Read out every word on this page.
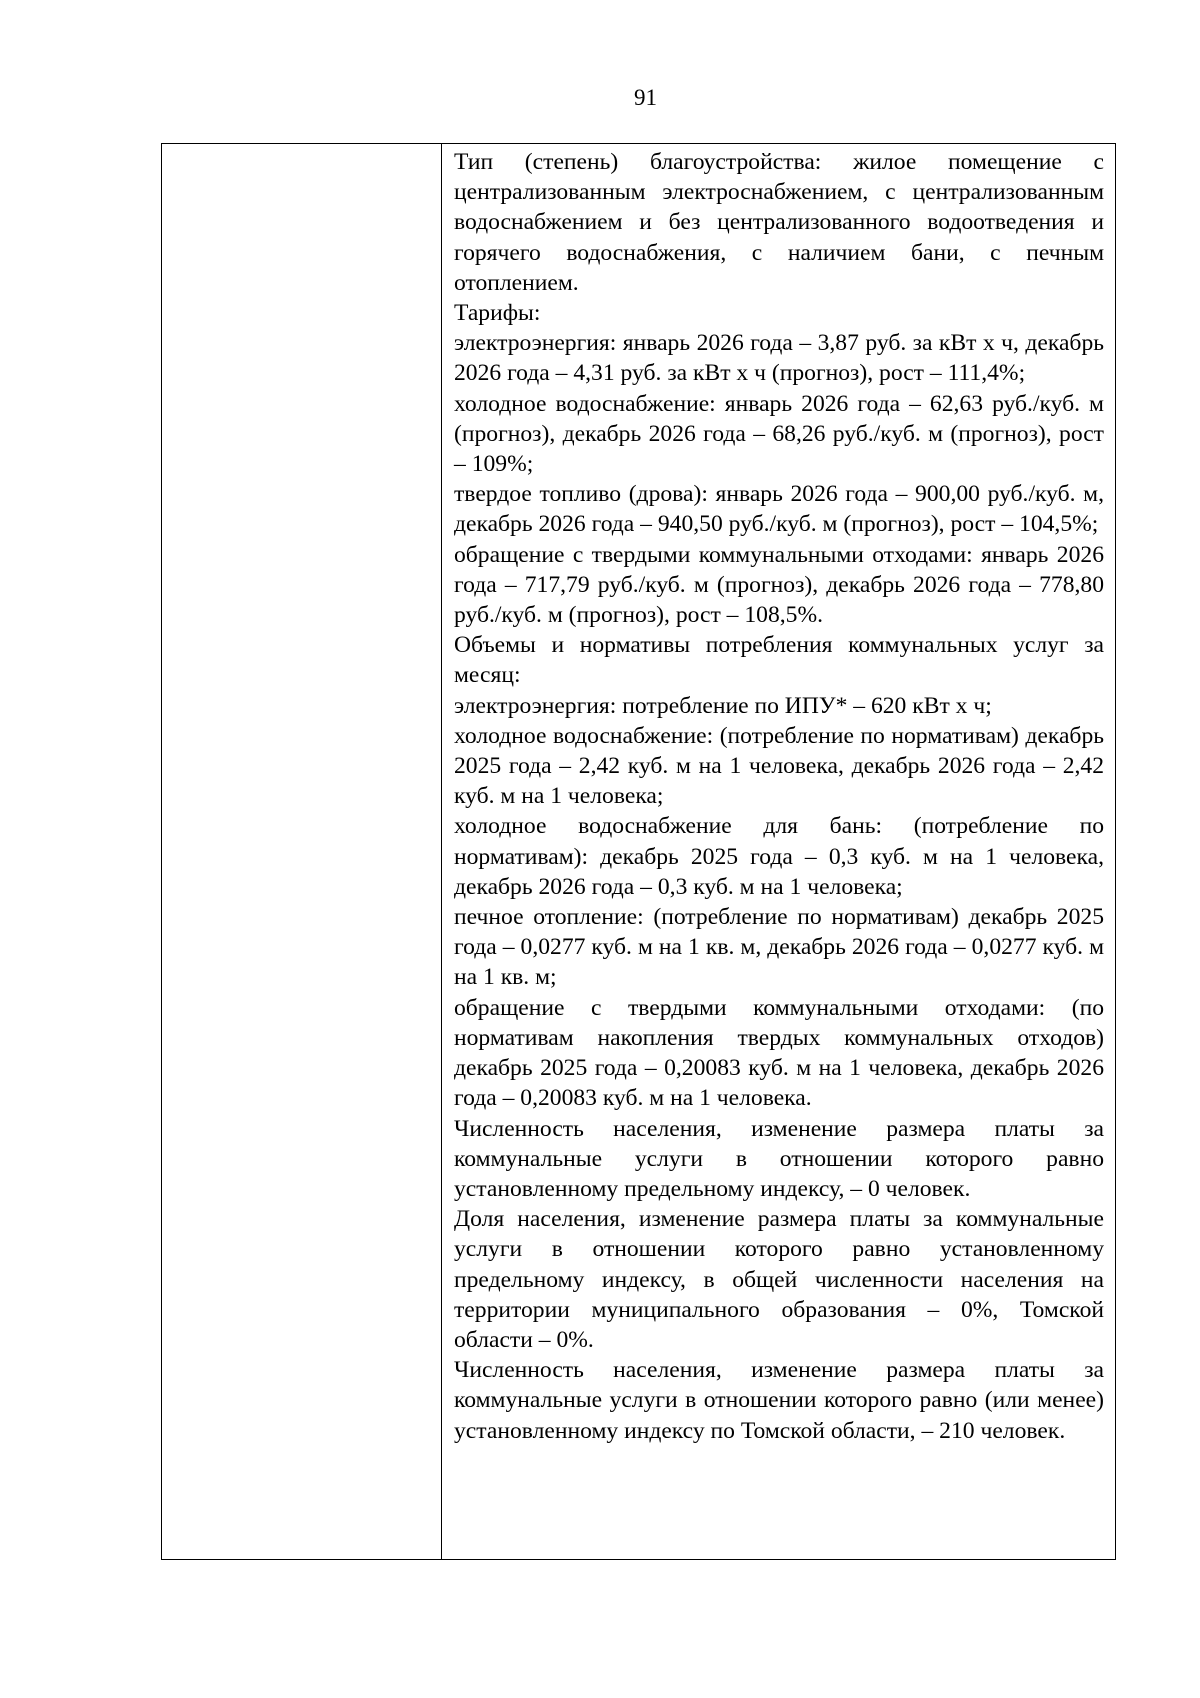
91

Тип (степень) благоустройства: жилое помещение с централизованным электроснабжением, с централизованным водоснабжением и без централизованного водоотведения и горячего водоснабжения, с наличием бани, с печным отоплением.

Тарифы:

электроэнергия: январь 2026 года – 3,87 руб. за кВт х ч, декабрь 2026 года – 4,31 руб. за кВт х ч (прогноз), рост – 111,4%;

холодное водоснабжение: январь 2026 года – 62,63 руб./куб. м (прогноз), декабрь 2026 года – 68,26 руб./куб. м (прогноз), рост – 109%;

твердое топливо (дрова): январь 2026 года – 900,00 руб./куб. м, декабрь 2026 года – 940,50 руб./куб. м (прогноз), рост – 104,5%;

обращение с твердыми коммунальными отходами: январь 2026 года – 717,79 руб./куб. м (прогноз), декабрь 2026 года – 778,80 руб./куб. м (прогноз), рост – 108,5%.

Объемы и нормативы потребления коммунальных услуг за месяц:

электроэнергия: потребление по ИПУ* – 620 кВт х ч;

холодное водоснабжение: (потребление по нормативам) декабрь 2025 года – 2,42 куб. м на 1 человека, декабрь 2026 года – 2,42 куб. м на 1 человека;

холодное водоснабжение для бань: (потребление по нормативам): декабрь 2025 года – 0,3 куб. м на 1 человека, декабрь 2026 года – 0,3 куб. м на 1 человека;

печное отопление: (потребление по нормативам) декабрь 2025 года – 0,0277 куб. м на 1 кв. м, декабрь 2026 года – 0,0277 куб. м на 1 кв. м;

обращение с твердыми коммунальными отходами: (по нормативам накопления твердых коммунальных отходов) декабрь 2025 года – 0,20083 куб. м на 1 человека, декабрь 2026 года – 0,20083 куб. м на 1 человека.

Численность населения, изменение размера платы за коммунальные услуги в отношении которого равно установленному предельному индексу, – 0 человек.

Доля населения, изменение размера платы за коммунальные услуги в отношении которого равно установленному предельному индексу, в общей численности населения на территории муниципального образования – 0%, Томской области – 0%.

Численность населения, изменение размера платы за коммунальные услуги в отношении которого равно (или менее) установленному индексу по Томской области, – 210 человек.
